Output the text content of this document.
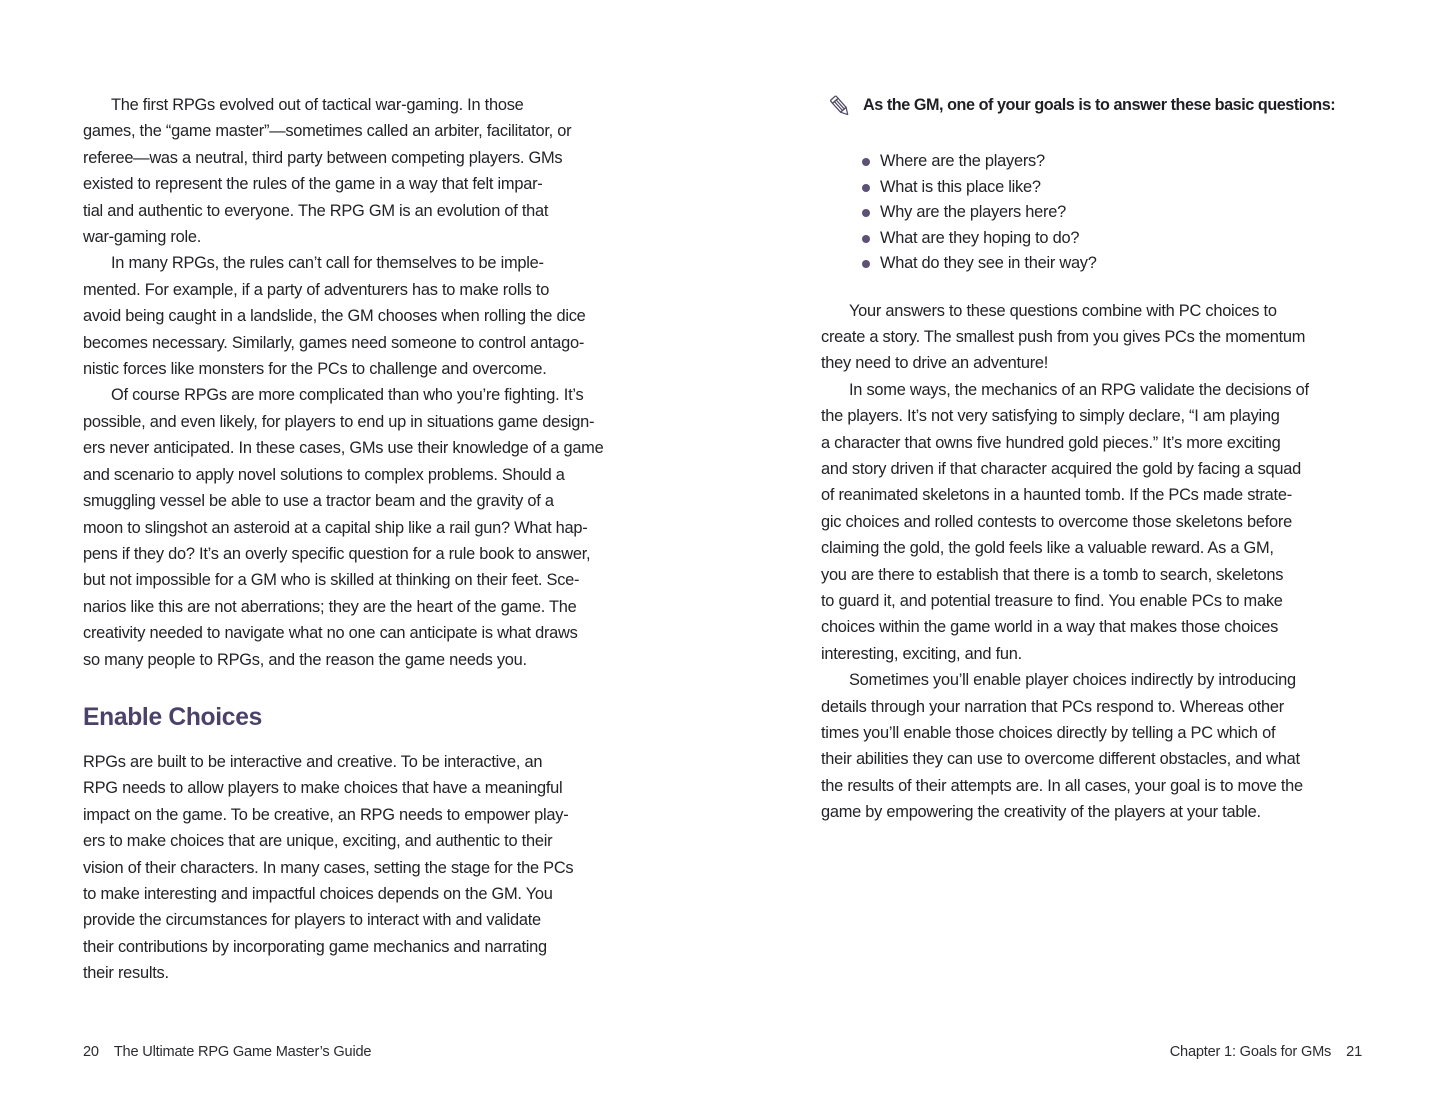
The first RPGs evolved out of tactical war-gaming. In those
games, the “game master”—sometimes called an arbiter, facilitator, or
referee—was a neutral, third party between competing players. GMs
existed to represent the rules of the game in a way that felt impar-
tial and authentic to everyone. The RPG GM is an evolution of that
war-gaming role.
In many RPGs, the rules can’t call for themselves to be imple-
mented. For example, if a party of adventurers has to make rolls to
avoid being caught in a landslide, the GM chooses when rolling the dice
becomes necessary. Similarly, games need someone to control antago-
nistic forces like monsters for the PCs to challenge and overcome.
Of course RPGs are more complicated than who you’re fighting. It’s
possible, and even likely, for players to end up in situations game design-
ers never anticipated. In these cases, GMs use their knowledge of a game
and scenario to apply novel solutions to complex problems. Should a
smuggling vessel be able to use a tractor beam and the gravity of a
moon to slingshot an asteroid at a capital ship like a rail gun? What hap-
pens if they do? It’s an overly specific question for a rule book to answer,
but not impossible for a GM who is skilled at thinking on their feet. Sce-
narios like this are not aberrations; they are the heart of the game. The
creativity needed to navigate what no one can anticipate is what draws
so many people to RPGs, and the reason the game needs you.
Enable Choices
RPGs are built to be interactive and creative. To be interactive, an
RPG needs to allow players to make choices that have a meaningful
impact on the game. To be creative, an RPG needs to empower play-
ers to make choices that are unique, exciting, and authentic to their
vision of their characters. In many cases, setting the stage for the PCs
to make interesting and impactful choices depends on the GM. You
provide the circumstances for players to interact with and validate
their contributions by incorporating game mechanics and narrating
their results.
As the GM, one of your goals is to answer these basic questions:
Where are the players?
What is this place like?
Why are the players here?
What are they hoping to do?
What do they see in their way?
Your answers to these questions combine with PC choices to
create a story. The smallest push from you gives PCs the momentum
they need to drive an adventure!
In some ways, the mechanics of an RPG validate the decisions of
the players. It’s not very satisfying to simply declare, “I am playing
a character that owns five hundred gold pieces.” It’s more exciting
and story driven if that character acquired the gold by facing a squad
of reanimated skeletons in a haunted tomb. If the PCs made strate-
gic choices and rolled contests to overcome those skeletons before
claiming the gold, the gold feels like a valuable reward. As a GM,
you are there to establish that there is a tomb to search, skeletons
to guard it, and potential treasure to find. You enable PCs to make
choices within the game world in a way that makes those choices
interesting, exciting, and fun.
Sometimes you’ll enable player choices indirectly by introducing
details through your narration that PCs respond to. Whereas other
times you’ll enable those choices directly by telling a PC which of
their abilities they can use to overcome different obstacles, and what
the results of their attempts are. In all cases, your goal is to move the
game by empowering the creativity of the players at your table.
20 The Ultimate RPG Game Master’s Guide	Chapter 1: Goals for GMs 21
